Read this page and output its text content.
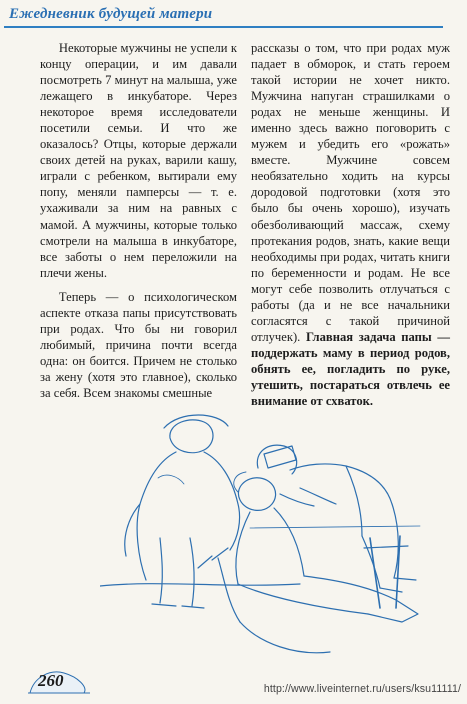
Ежедневник будущей матери

Некоторые мужчины не успели к концу операции, и им давали посмотреть 7 минут на малыша, уже лежащего в инкубаторе. Через некоторое время исследователи посетили семьи. И что же оказалось? Отцы, которые держали своих детей на руках, варили кашу, играли с ребенком, вытирали ему попу, меняли памперсы — т. е. ухаживали за ним на равных с мамой. А мужчины, которые только смотрели на малыша в инкубаторе, все заботы о нем переложили на плечи жены.

Теперь — о психологическом аспекте отказа папы присутствовать при родах. Что бы ни говорил любимый, причина почти всегда одна: он боится. Причем не столько за жену (хотя это главное), сколько за себя. Всем знакомы смешные

рассказы о том, что при родах муж падает в обморок, и стать героем такой истории не хочет никто. Мужчина напуган страшилками о родах не меньше женщины. И именно здесь важно поговорить с мужем и убедить его «рожать» вместе. Мужчине совсем необязательно ходить на курсы дородовой подготовки (хотя это было бы очень хорошо), изучать обезболивающий массаж, схему протекания родов, знать, какие вещи необходимы при родах, читать книги по беременности и родам. Не все могут себе позволить отлучаться с работы (да и не все начальники согласятся с такой причиной отлучек). Главная задача папы — поддержать маму в период родов, обнять ее, погладить по руке, утешить, постараться отвлечь ее внимание от схваток.

260	http://www.liveinternet.ru/users/ksu11111/
